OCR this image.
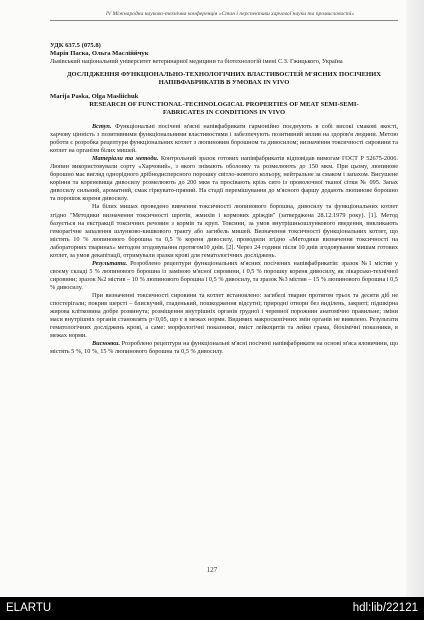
IV Міжнародна науково-технічна конференція «Стан і перспективи харчової науки та промисловості»
УДК 637.5 (075.8)
Марія Паска, Ольга Масліййчук
Львівський національний університет ветеринарної медицини та біотехнологій імені С.З. Гжицького, Україна
ДОСЛІДЖЕННЯ ФУНКЦІОНАЛЬНО-ТЕХНОЛОГІЧНИХ ВЛАСТИВОСТЕЙ М'ЯСНИХ ПОСІЧЕНИХ НАПІВФАБРИКАТІВ В УМОВАХ IN VIVO
Marija Paska, Olga Masliichuk
RESEARCH OF FUNCTIONAL-TECHNOLOGICAL PROPERTIES OF MEAT SEMI-SEMI-FABRICATES IN CONDITIONS IN VIVO

Вступ. Функціональні посічені м'ясні напівфабрикати гармонійно поєднують в собі високі смакові якості, харчову цінність з позитивними функціональними властивостями і забезпечують позитивний вплив на здоров'я людини. Метою роботи є розробка рецептури функціональних котлет з люпиновим борошном та дивосилом; визначення токсичності сировини та котлет на організм білих мишей.

Матеріали та методи. Контрольний зразок готових напівфабрикатів відповідав вимогам ГОСТ Р 52675-2006. Люпин використовували сорту «Харчовий», з якого знімають оболонку та розмелюють до 150 мкм. При цьому, люпинове борошно має вигляд однорідного дрібнодисперсного порошку світло-жовтого кольору, нейтральне за смаком і запахом. Висушене коріння та кореневища дивосилу розмелюють до 200 мкм та просівають крізь сито із проволочної тканої сітки № 095. Запах дивосилу сильний, ароматний, смак гіркувато-пряний. На стадії перемішування до м'ясного фаршу додають люпинове борошно та порошок кореня дивосилу.

На білих мишах проведено вивчення токсичності люпинового борошна, дивосилу та функціональних котлет згідно "Методики визначення токсичності шротів, жмихів і кормових дріждів" (затверджена 28.12.1979 року). [1]. Метод базується на екстракції токсичних речовин з кормів та круп. Токсини, за умов внутрішньошлункового введення, викликають геморагічне запалення шлунково-кишкового тракту або загибель мишей. Визначення токсичності функціональних котлет, що містять 10 % люпинового борошна та 0,5 % кореня дивосилу, проводили згідно «Методики визначення токсичності на лабораторних тваринах» методом згодовування протягом10 днів. [2]. Через 24 години після 10 днів згодовування мишам готових котлет, за умов декапітації, отримували зразки крові для гематологічних досліджень.

Результати. Розроблено рецептури функціональних м'ясних посічених напівфабрикатів: зразок №1 містив у своєму складі 5 % люпинового борошна із заміною м'ясної сировини, і 0,5 % порошку кореня дивосилу, як лікарсько-технічної сировини; зразок №2 містив – 10 % люпинового борошна і 0,5 % дивосилу, та зразок №3 містив – 15 % люпинового борошна і 0,5 % дивосилу.

При визначенні токсичності сировини та котлет встановлено: загибелі тварин протягом трьох та десяти діб не спостерігали; покрив шерсті – блискучий, гладенький, пошкодження відсутні; природні отвори без виділень, закриті; підшкірна жирова клітковина добре розвинута; розміщення внутрішніх органів грудної і черевної порожнин анатомічно правильне; зміни маси внутрішніх органів становлять p<0,05, що є в межах норми. Видимих макроскопічних змін органів не виявлено. Результати гематологічних досліджень крові, а саме: морфологічні показники, вміст лейкоцитів та лейко грама, біохімічні показники, в межах норми.

Висновки. Розроблено рецептури на функціональні м'ясні посічені напівфабрикати на основі м'яса яловичини, що містять 5 %, 10 %, 15 % люпинового борошна та 0,5 % дивосилу.

127
ELARTU	hdl:lib/22121
